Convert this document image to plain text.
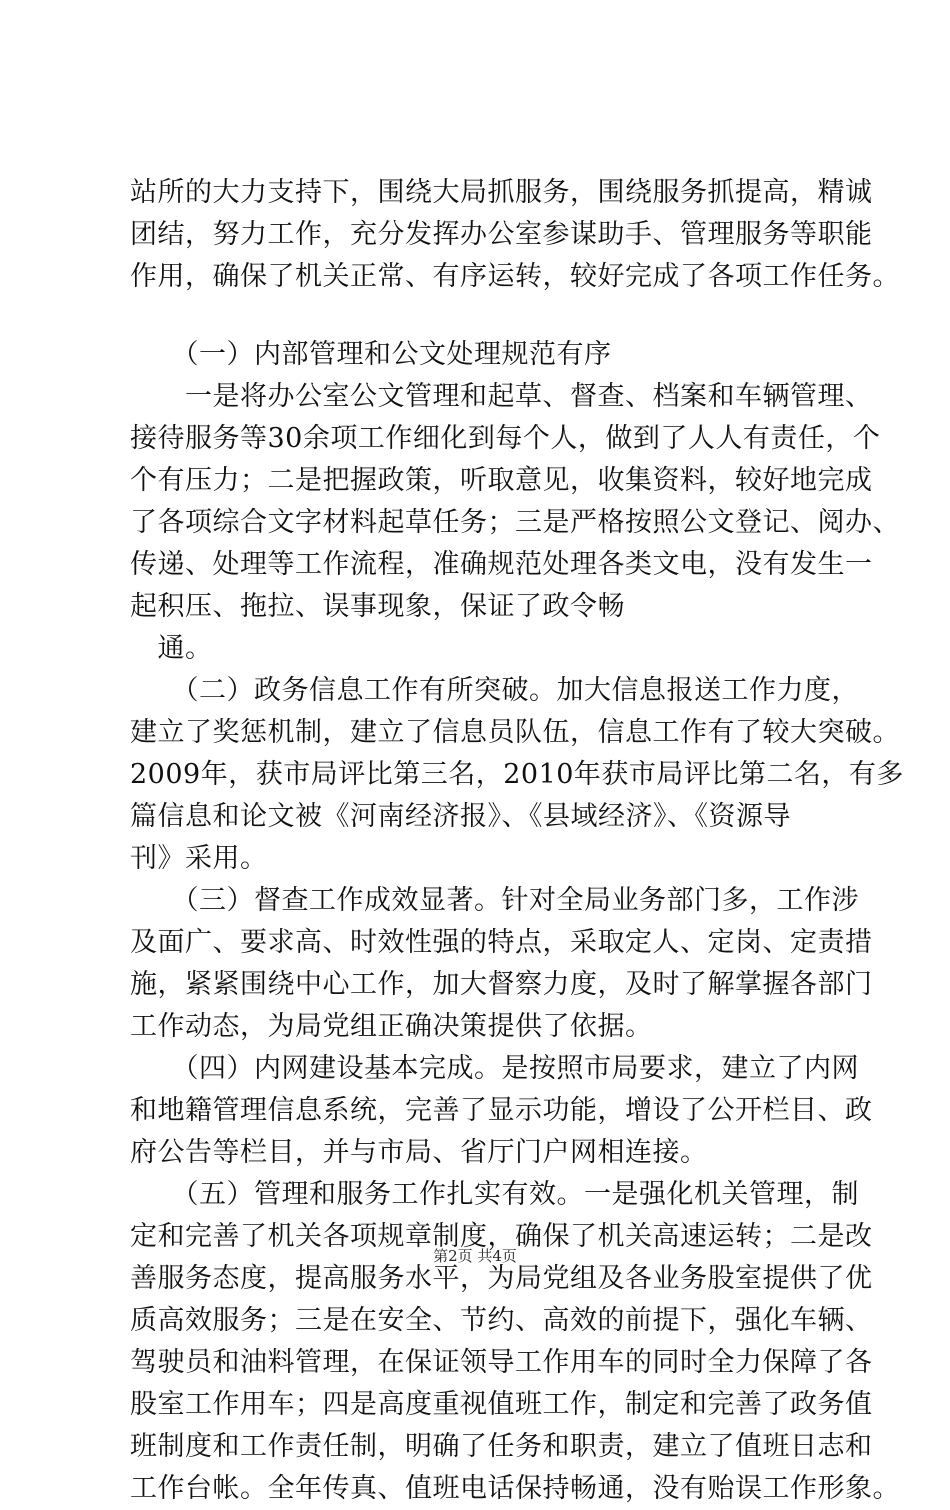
站所的大力支持下，围绕大局抓服务，围绕服务抓提高，精诚
团结，努力工作，充分发挥办公室参谋助手、管理服务等职能
作用，确保了机关正常、有序运转，较好完成了各项工作任务。
　　（一）内部管理和公文处理规范有序
　　一是将办公室公文管理和起草、督查、档案和车辆管理、
接待服务等30余项工作细化到每个人，做到了人人有责任，个
个有压力；二是把握政策，听取意见，收集资料，较好地完成
了各项综合文字材料起草任务；三是严格按照公文登记、阅办、
传递、处理等工作流程，准确规范处理各类文电，没有发生一
起积压、拖拉、误事现象，保证了政令畅
　通。
　　（二）政务信息工作有所突破。加大信息报送工作力度，
建立了奖惩机制，建立了信息员队伍，信息工作有了较大突破。
2009年，获市局评比第三名，2010年获市局评比第二名，有多
篇信息和论文被《河南经济报》、《县域经济》、《资源导
刊》采用。
　　（三）督查工作成效显著。针对全局业务部门多，工作涉
及面广、要求高、时效性强的特点，采取定人、定岗、定责措
施，紧紧围绕中心工作，加大督察力度，及时了解掌握各部门
工作动态，为局党组正确决策提供了依据。
　　（四）内网建设基本完成。是按照市局要求，建立了内网
和地籍管理信息系统，完善了显示功能，增设了公开栏目、政
府公告等栏目，并与市局、省厅门户网相连接。
　　（五）管理和服务工作扎实有效。一是强化机关管理，制
定和完善了机关各项规章制度，确保了机关高速运转；二是改
善服务态度，提高服务水平，为局党组及各业务股室提供了优
质高效服务；三是在安全、节约、高效的前提下，强化车辆、
驾驶员和油料管理，在保证领导工作用车的同时全力保障了各
股室工作用车；四是高度重视值班工作，制定和完善了政务值
班制度和工作责任制，明确了任务和职责，建立了值班日志和
工作台帐。全年传真、值班电话保持畅通，没有贻误工作形象。
第2页 共4页
